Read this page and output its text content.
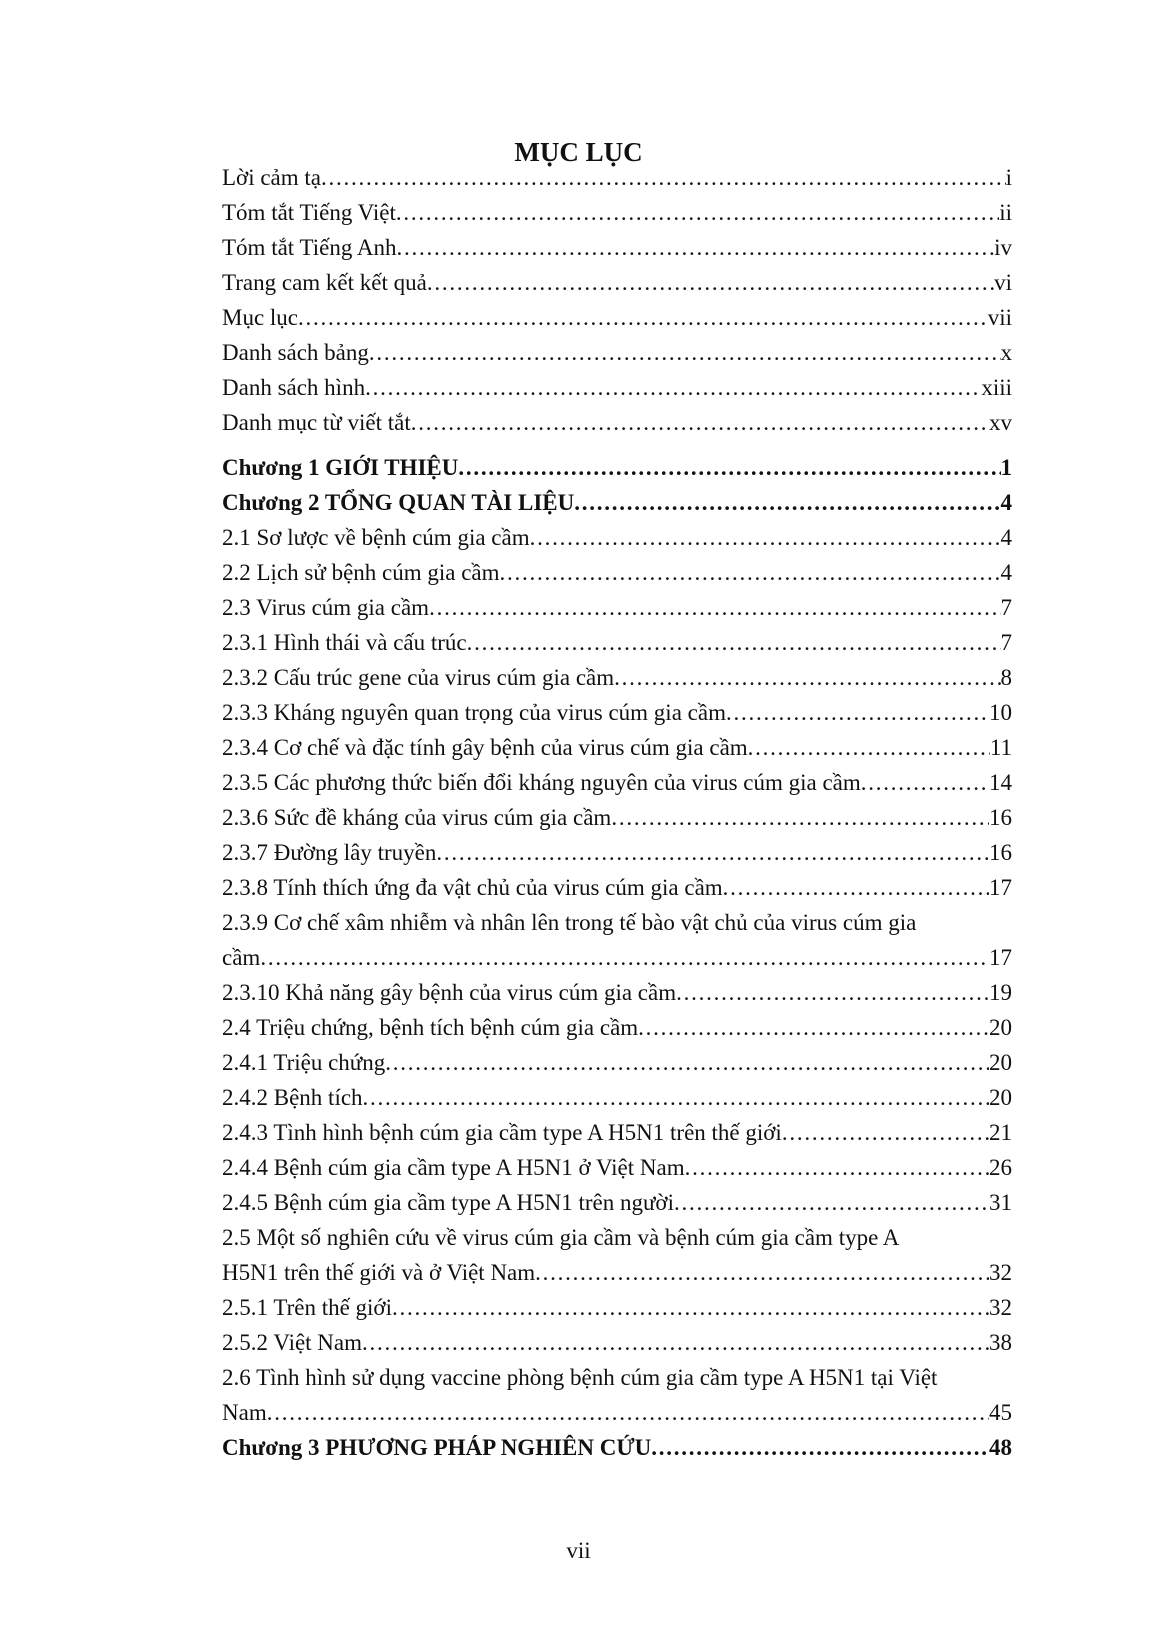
MỤC LỤC
Lời cảm tạ . . .	i
Tóm tắt Tiếng Việt . . .	ii
Tóm tắt Tiếng Anh . . .	iv
Trang cam kết kết quả . . .	vi
Mục lục . . .	vii
Danh sách bảng . . .	x
Danh sách hình . . .	xiii
Danh mục từ viết tắt . . .	xv
Chương 1 GIỚI THIỆU . . .	1
Chương 2 TỔNG QUAN TÀI LIỆU . . .	4
2.1 Sơ lược về bệnh cúm gia cầm . . .	4
2.2 Lịch sử bệnh cúm gia cầm . . .	4
2.3 Virus cúm gia cầm . . .	7
2.3.1 Hình thái và cấu trúc . . .	7
2.3.2 Cấu trúc gene của virus cúm gia cầm . . .	8
2.3.3 Kháng nguyên quan trọng của virus cúm gia cầm . . .	10
2.3.4 Cơ chế và đặc tính gây bệnh của virus cúm gia cầm . . .	11
2.3.5 Các phương thức biến đổi kháng nguyên của virus cúm gia cầm . . .	14
2.3.6 Sức đề kháng của virus cúm gia cầm . . .	16
2.3.7 Đường lây truyền . . .	16
2.3.8 Tính thích ứng đa vật chủ của virus cúm gia cầm . . .	17
2.3.9 Cơ chế xâm nhiễm và nhân lên trong tế bào vật chủ của virus cúm gia
cầm . . .	17
2.3.10 Khả năng gây bệnh của virus cúm gia cầm . . .	19
2.4 Triệu chứng, bệnh tích bệnh cúm gia cầm . . .	20
2.4.1 Triệu chứng . . .	20
2.4.2 Bệnh tích . . .	20
2.4.3 Tình hình bệnh cúm gia cầm type A H5N1 trên thế giới . . .	21
2.4.4 Bệnh cúm gia cầm type A H5N1 ở Việt Nam . . .	26
2.4.5 Bệnh cúm gia cầm type A H5N1 trên người . . .	31
2.5 Một số nghiên cứu về virus cúm gia cầm và bệnh cúm gia cầm type A
H5N1 trên thế giới và ở Việt Nam . . .	32
2.5.1 Trên thế giới . . .	32
2.5.2 Việt Nam . . .	38
2.6 Tình hình sử dụng vaccine phòng bệnh cúm gia cầm type A H5N1 tại Việt
Nam . . .	45
Chương 3 PHƯƠNG PHÁP NGHIÊN CỨU . . .	48
vii
